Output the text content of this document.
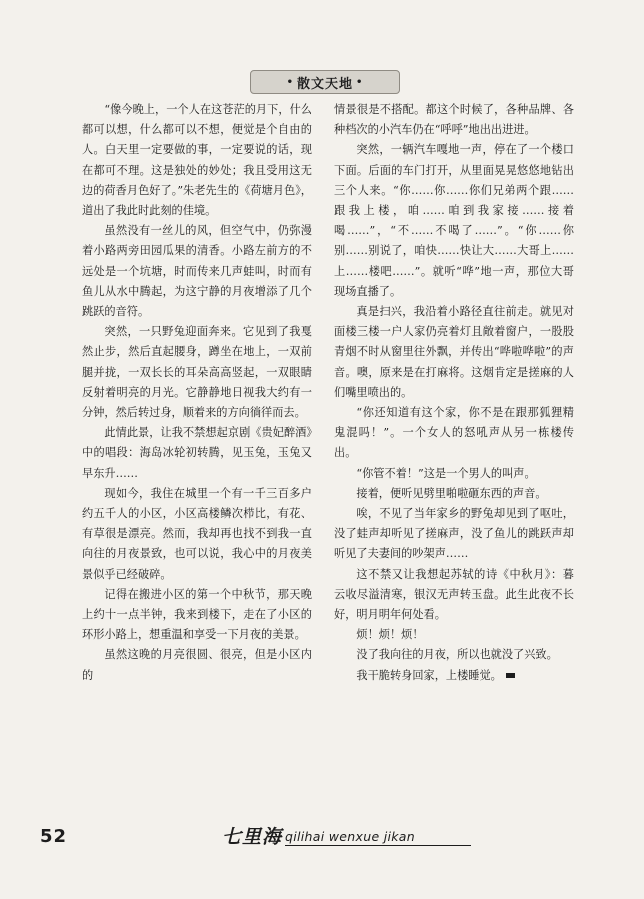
• 散文天地 •

“像今晚上，一个人在这苍茫的月下，什么都可以想，什么都可以不想，便觉是个自由的人。白天里一定要做的事，一定要说的话，现在都可不理。这是独处的妙处；我且受用这无边的荷香月色好了。”朱老先生的《荷塘月色》，道出了我此时此刻的佳境。

虽然没有一丝儿的风，但空气中，仍弥漫着小路两旁田园瓜果的清香。小路左前方的不远处是一个坑塘，时而传来几声蛙叫，时而有鱼儿从水中腾起，为这宁静的月夜增添了几个跳跃的音符。

突然，一只野兔迎面奔来。它见到了我戛然止步，然后直起腰身，蹲坐在地上，一双前腿并拢，一双长长的耳朵高高竖起，一双眼睛反射着明亮的月光。它静静地日视我大约有一分钟，然后转过身，顺着来的方向徜徉而去。

此情此景，让我不禁想起京剧《贵妃醉酒》中的唱段：海岛冰轮初转腾，见玉兔，玉兔又早东升……

现如今，我住在城里一个有一千三百多户约五千人的小区，小区高楼鳞次栉比，有花、有草很是漂亮。然而，我却再也找不到我一直向往的月夜景致，也可以说，我心中的月夜美景似乎已经破碎。

记得在搬进小区的第一个中秋节，那天晚上约十一点半钟，我来到楼下，走在了小区的环形小路上，想重温和享受一下月夜的美景。

虽然这晚的月亮很圆、很亮，但是小区内的

情景很是不搭配。都这个时候了，各种品牌、各种档次的小汽车仍在“呼呼”地出出进进。

突然，一辆汽车嘎地一声，停在了一个楼口下面。后面的车门打开，从里面晃晃悠悠地钻出三个人来。“你……你……你们兄弟两个跟……跟我上楼，咱……咱到我家接……接着喝……”，“不……不喝了……”。“你……你别……别说了，咱快……快让大……大哥上……上……楼吧……”。就听“哗”地一声，那位大哥现场直播了。

真是扫兴，我沿着小路径直往前走。就见对面楼三楼一户人家仍亮着灯且敞着窗户，一股股青烟不时从窗里往外飘，并传出“哗啦哗啦”的声音。噢，原来是在打麻将。这烟肯定是搓麻的人们嘴里喷出的。

“你还知道有这个家，你不是在跟那狐狸精鬼混吗！”。一个女人的怒吼声从另一栋楼传出。

“你管不着！”这是一个男人的叫声。

接着，便听见劈里啪啦砸东西的声音。

唉，不见了当年家乡的野兔却见到了呕吐，没了蛙声却听见了搓麻声，没了鱼儿的跳跃声却听见了夫妻间的吵架声……

这不禁又让我想起苏轼的诗《中秋月》：暮云收尽溢清寒，银汉无声转玉盘。此生此夜不长好，明月明年何处看。

烦！烦！烦！

没了我向往的月夜，所以也就没了兴致。

我干脆转身回家，上楼睡觉。

52	七里海 qilihai wenxue jikan
